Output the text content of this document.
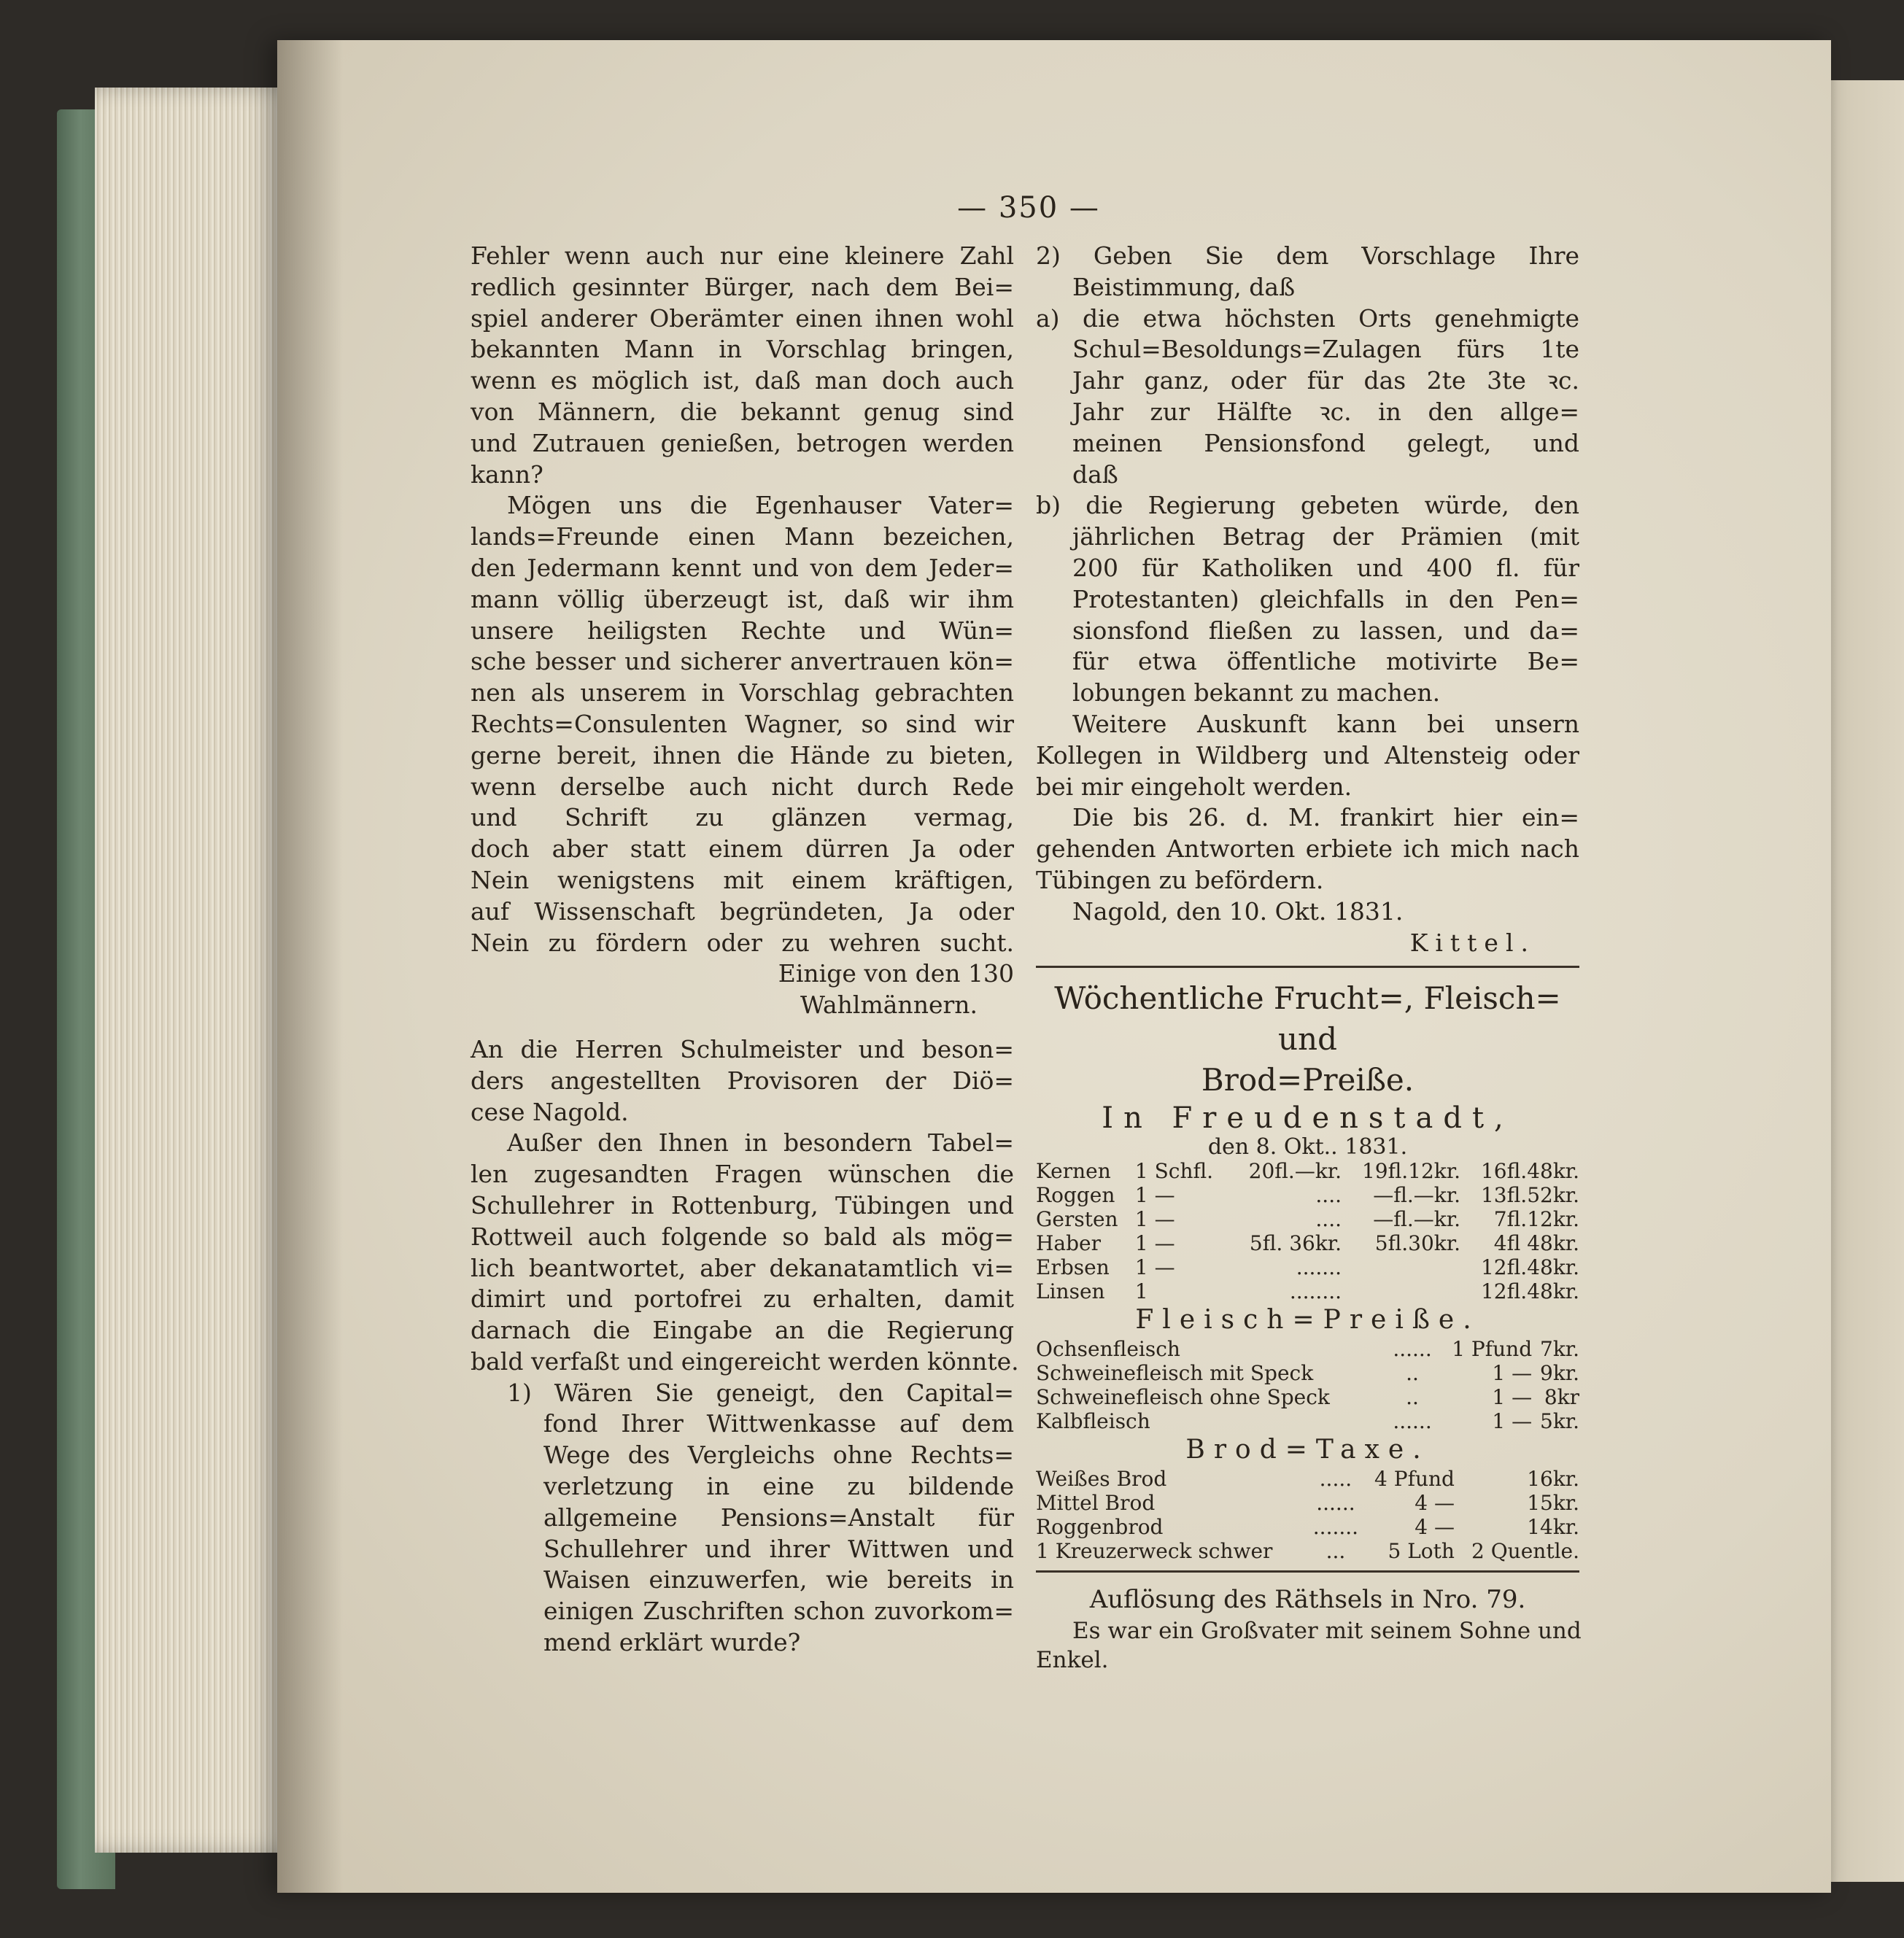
— 350 —
Fehler wenn auch nur eine kleinere Zahl
redlich gesinnter Bürger, nach dem Bei=
spiel anderer Oberämter einen ihnen wohl
bekannten Mann in Vorschlag bringen,
wenn es möglich ist, daß man doch auch
von Männern, die bekannt genug sind
und Zutrauen genießen, betrogen werden
kann?
Mögen uns die Egenhauser Vater=
lands=Freunde einen Mann bezeichen,
den Jedermann kennt und von dem Jeder=
mann völlig überzeugt ist, daß wir ihm
unsere heiligsten Rechte und Wün=
sche besser und sicherer anvertrauen kön=
nen als unserem in Vorschlag gebrachten
Rechts=Consulenten Wagner, so sind wir
gerne bereit, ihnen die Hände zu bieten,
wenn derselbe auch nicht durch Rede
und Schrift zu glänzen vermag,
doch aber statt einem dürren Ja oder
Nein wenigstens mit einem kräftigen,
auf Wissenschaft begründeten, Ja oder
Nein zu fördern oder zu wehren sucht.
Einige von den 130
Wahlmännern.
An die Herren Schulmeister und beson=
ders angestellten Provisoren der Diö=
cese Nagold.
Außer den Ihnen in besondern Tabel=
len zugesandten Fragen wünschen die
Schullehrer in Rottenburg, Tübingen und
Rottweil auch folgende so bald als mög=
lich beantwortet, aber dekanatamtlich vi=
dimirt und portofrei zu erhalten, damit
darnach die Eingabe an die Regierung
bald verfaßt und eingereicht werden könnte.
1) Wären Sie geneigt, den Capital=
fond Ihrer Wittwenkasse auf dem
Wege des Vergleichs ohne Rechts=
verletzung in eine zu bildende
allgemeine Pensions=Anstalt für
Schullehrer und ihrer Wittwen und
Waisen einzuwerfen, wie bereits in
einigen Zuschriften schon zuvorkom=
mend erklärt wurde?
2) Geben Sie dem Vorschlage Ihre
Beistimmung, daß
a) die etwa höchsten Orts genehmigte
Schul=Besoldungs=Zulagen fürs 1te
Jahr ganz, oder für das 2te 3te ꝛc.
Jahr zur Hälfte ꝛc. in den allge=
meinen Pensionsfond gelegt, und
daß
b) die Regierung gebeten würde, den
jährlichen Betrag der Prämien (mit
200 für Katholiken und 400 fl. für
Protestanten) gleichfalls in den Pen=
sionsfond fließen zu lassen, und da=
für etwa öffentliche motivirte Be=
lobungen bekannt zu machen.
Weitere Auskunft kann bei unsern
Kollegen in Wildberg und Altensteig oder
bei mir eingeholt werden.
Die bis 26. d. M. frankirt hier ein=
gehenden Antworten erbiete ich mich nach
Tübingen zu befördern.
Nagold, den 10. Okt. 1831.
Kittel.
Wöchentliche Frucht=, Fleisch= und
Brod=Preiße.
In Freudenstadt,
den 8. Okt.. 1831.
Kernen	1 Schfl.	20fl.—kr.	19fl.12kr.	16fl.48kr.
Roggen	1 —	....	—fl.—kr.	13fl.52kr.
Gersten	1 —	....	—fl.—kr.	7fl.12kr.
Haber	1 —	5fl. 36kr.	5fl.30kr.	4fl 48kr.
Erbsen	1 —	.......		12fl.48kr.
Linsen	1	........		12fl.48kr.
Fleisch=Preiße.
Ochsenfleisch	......	1 Pfund	7kr.
Schweinefleisch mit Speck	..	1 —	9kr.
Schweinefleisch ohne Speck	..	1 —	8kr
Kalbfleisch	......	1 —	5kr.
Brod=Taxe.
Weißes Brod	.....	4 Pfund	16kr.
Mittel Brod	......	4 —	15kr.
Roggenbrod	.......	4 —	14kr.
1 Kreuzerweck schwer	...	5 Loth	2 Quentle.
Auflösung des Räthsels in Nro. 79.
Es war ein Großvater mit seinem Sohne und
Enkel.
